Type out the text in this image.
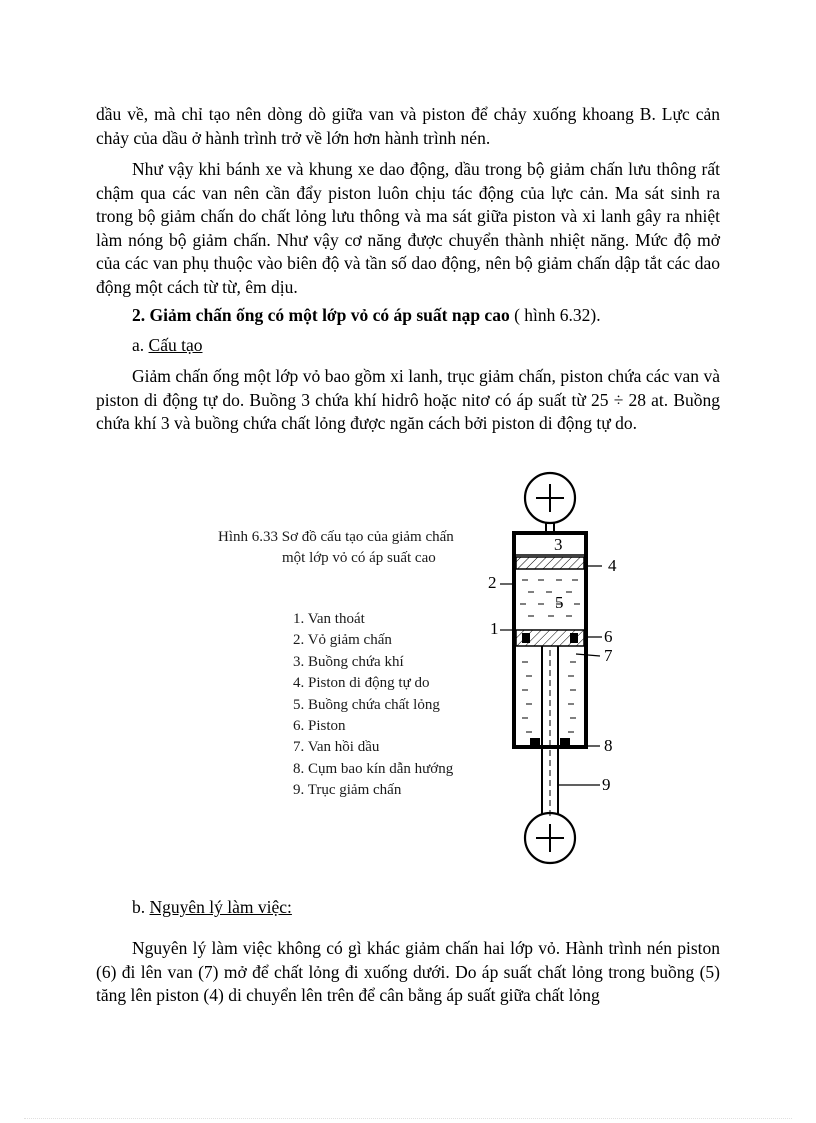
dầu về, mà chỉ tạo nên dòng dò giữa van và piston để chảy xuống khoang B. Lực cản chảy của dầu ở hành trình trở về lớn hơn hành trình nén.

Như vậy khi bánh xe và khung xe dao động, dầu trong bộ giảm chấn lưu thông rất chậm qua các van nên cần đẩy piston luôn chịu tác động của lực cản. Ma sát sinh ra trong bộ giảm chấn do chất lỏng lưu thông và ma sát giữa piston và xi lanh gây ra nhiệt làm nóng bộ giảm chấn. Như vậy cơ năng được chuyển thành nhiệt năng. Mức độ mở của các van phụ thuộc vào biên độ và tần số dao động, nên bộ giảm chấn dập tắt các dao động một cách từ từ, êm dịu.

2. Giảm chấn ống có một lớp vỏ có áp suất nạp cao ( hình 6.32).

a. Cấu tạo

Giảm chấn ống một lớp vỏ bao gồm xi lanh, trục giảm chấn, piston chứa các van và piston di động tự do. Buồng 3 chứa khí hidrô hoặc nitơ có áp suất từ 25 ÷ 28 at. Buồng chứa khí 3 và buồng chứa chất lỏng được ngăn cách bởi piston di động tự do.

Hình 6.33 Sơ đồ cấu tạo của giảm chấn
một lớp vỏ có áp suất cao
1. Van thoát
2. Vỏ giảm chấn
3. Buồng chứa khí
4. Piston di động tự do
5. Buồng chứa chất lỏng
6. Piston
7. Van hồi dầu
8. Cụm bao kín dẫn hướng
9. Trục giảm chấn
3
4
2
5
1	6
7
8
9

b. Nguyên lý làm việc:

Nguyên lý làm việc không có gì khác giảm chấn hai lớp vỏ. Hành trình nén piston (6) đi lên van (7) mở để chất lỏng đi xuống dưới. Do áp suất chất lỏng trong buồng (5) tăng lên piston (4) di chuyển lên trên để cân bằng áp suất giữa chất lỏng
